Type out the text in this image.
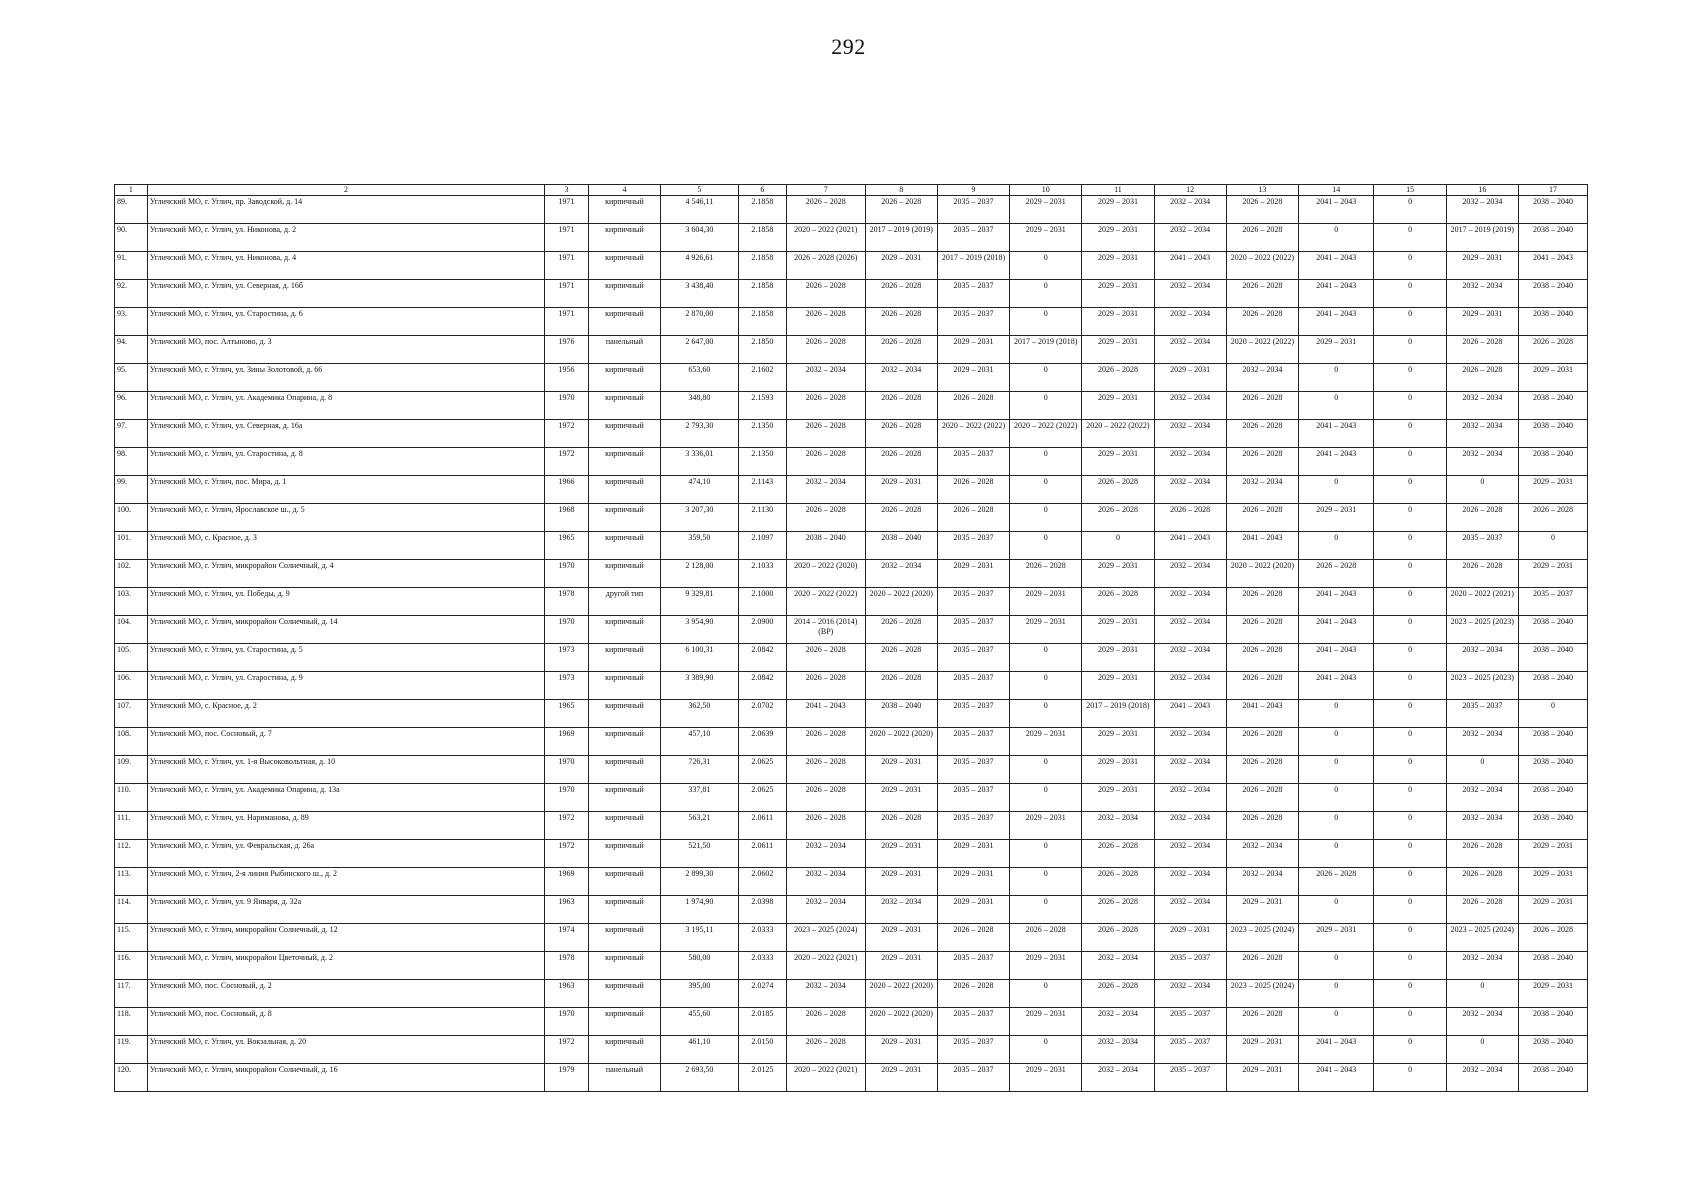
292
1	2	3	4	5	6	7	8	9	10	11	12	13	14	15	16	17
89.	Угличский МО, г. Углич, пр. Заводской, д. 14	1971	кирпичный	4 546,11	2.1858	2026 – 2028	2026 – 2028	2035 – 2037	2029 – 2031	2029 – 2031	2032 – 2034	2026 – 2028	2041 – 2043	0	2032 – 2034	2038 – 2040
90.	Угличский МО, г. Углич, ул. Никонова, д. 2	1971	кирпичный	3 604,30	2.1858	2020 – 2022 (2021)	2017 – 2019 (2019)	2035 – 2037	2029 – 2031	2029 – 2031	2032 – 2034	2026 – 2028	0	0	2017 – 2019 (2019)	2038 – 2040
91.	Угличский МО, г. Углич, ул. Никонова, д. 4	1971	кирпичный	4 926,61	2.1858	2026 – 2028 (2026)	2029 – 2031	2017 – 2019 (2018)	0	2029 – 2031	2041 – 2043	2020 – 2022 (2022)	2041 – 2043	0	2029 – 2031	2041 – 2043
92.	Угличский МО, г. Углич, ул. Северная, д. 16б	1971	кирпичный	3 438,40	2.1858	2026 – 2028	2026 – 2028	2035 – 2037	0	2029 – 2031	2032 – 2034	2026 – 2028	2041 – 2043	0	2032 – 2034	2038 – 2040
93.	Угличский МО, г. Углич, ул. Старостина, д. 6	1971	кирпичный	2 870,00	2.1858	2026 – 2028	2026 – 2028	2035 – 2037	0	2029 – 2031	2032 – 2034	2026 – 2028	2041 – 2043	0	2029 – 2031	2038 – 2040
94.	Угличский МО, пос. Алтыново, д. 3	1976	панельный	2 647,00	2.1850	2026 – 2028	2026 – 2028	2029 – 2031	2017 – 2019 (2018)	2029 – 2031	2032 – 2034	2020 – 2022 (2022)	2029 – 2031	0	2026 – 2028	2026 – 2028
95.	Угличский МО, г. Углич, ул. Зины Золотовой, д. 66	1956	кирпичный	653,60	2.1602	2032 – 2034	2032 – 2034	2029 – 2031	0	2026 – 2028	2029 – 2031	2032 – 2034	0	0	2026 – 2028	2029 – 2031
96.	Угличский МО, г. Углич, ул. Академика Опарина, д. 8	1970	кирпичный	348,80	2.1593	2026 – 2028	2026 – 2028	2026 – 2028	0	2029 – 2031	2032 – 2034	2026 – 2028	0	0	2032 – 2034	2038 – 2040
97.	Угличский МО, г. Углич, ул. Северная, д. 16а	1972	кирпичный	2 793,30	2.1350	2026 – 2028	2026 – 2028	2020 – 2022 (2022)	2020 – 2022 (2022)	2020 – 2022 (2022)	2032 – 2034	2026 – 2028	2041 – 2043	0	2032 – 2034	2038 – 2040
98.	Угличский МО, г. Углич, ул. Старостина, д. 8	1972	кирпичный	3 336,01	2.1350	2026 – 2028	2026 – 2028	2035 – 2037	0	2029 – 2031	2032 – 2034	2026 – 2028	2041 – 2043	0	2032 – 2034	2038 – 2040
99.	Угличский МО, г. Углич, пос. Мира, д. 1	1966	кирпичный	474,10	2.1143	2032 – 2034	2029 – 2031	2026 – 2028	0	2026 – 2028	2032 – 2034	2032 – 2034	0	0	0	2029 – 2031
100.	Угличский МО, г. Углич, Ярославское ш., д. 5	1968	кирпичный	3 207,30	2.1130	2026 – 2028	2026 – 2028	2026 – 2028	0	2026 – 2028	2026 – 2028	2026 – 2028	2029 – 2031	0	2026 – 2028	2026 – 2028
101.	Угличский МО, с. Красное, д. 3	1965	кирпичный	359,50	2.1097	2038 – 2040	2038 – 2040	2035 – 2037	0	0	2041 – 2043	2041 – 2043	0	0	2035 – 2037	0
102.	Угличский МО, г. Углич, микрорайон Солнечный, д. 4	1970	кирпичный	2 128,00	2.1033	2020 – 2022 (2020)	2032 – 2034	2029 – 2031	2026 – 2028	2029 – 2031	2032 – 2034	2020 – 2022 (2020)	2026 – 2028	0	2026 – 2028	2029 – 2031
103.	Угличский МО, г. Углич, ул. Победы, д. 9	1978	другой тип	9 329,81	2.1000	2020 – 2022 (2022)	2020 – 2022 (2020)	2035 – 2037	2029 – 2031	2026 – 2028	2032 – 2034	2026 – 2028	2041 – 2043	0	2020 – 2022 (2021)	2035 – 2037
104.	Угличский МО, г. Углич, микрорайон Солнечный, д. 14	1970	кирпичный	3 954,90	2.0900	2014 – 2016 (2014) (ВР)	2026 – 2028	2035 – 2037	2029 – 2031	2029 – 2031	2032 – 2034	2026 – 2028	2041 – 2043	0	2023 – 2025 (2023)	2038 – 2040
105.	Угличский МО, г. Углич, ул. Старостина, д. 5	1973	кирпичный	6 100,31	2.0842	2026 – 2028	2026 – 2028	2035 – 2037	0	2029 – 2031	2032 – 2034	2026 – 2028	2041 – 2043	0	2032 – 2034	2038 – 2040
106.	Угличский МО, г. Углич, ул. Старостина, д. 9	1973	кирпичный	3 389,90	2.0842	2026 – 2028	2026 – 2028	2035 – 2037	0	2029 – 2031	2032 – 2034	2026 – 2028	2041 – 2043	0	2023 – 2025 (2023)	2038 – 2040
107.	Угличский МО, с. Красное, д. 2	1965	кирпичный	362,50	2.0702	2041 – 2043	2038 – 2040	2035 – 2037	0	2017 – 2019 (2018)	2041 – 2043	2041 – 2043	0	0	2035 – 2037	0
108.	Угличский МО, пос. Сосновый, д. 7	1969	кирпичный	457,10	2.0639	2026 – 2028	2020 – 2022 (2020)	2035 – 2037	2029 – 2031	2029 – 2031	2032 – 2034	2026 – 2028	0	0	2032 – 2034	2038 – 2040
109.	Угличский МО, г. Углич, ул. 1-я Высоковольтная, д. 10	1970	кирпичный	726,31	2.0625	2026 – 2028	2029 – 2031	2035 – 2037	0	2029 – 2031	2032 – 2034	2026 – 2028	0	0	0	2038 – 2040
110.	Угличский МО, г. Углич, ул. Академика Опарина, д. 13а	1970	кирпичный	337,81	2.0625	2026 – 2028	2029 – 2031	2035 – 2037	0	2029 – 2031	2032 – 2034	2026 – 2028	0	0	2032 – 2034	2038 – 2040
111.	Угличский МО, г. Углич, ул. Нариманова, д. 89	1972	кирпичный	563,21	2.0611	2026 – 2028	2026 – 2028	2035 – 2037	2029 – 2031	2032 – 2034	2032 – 2034	2026 – 2028	0	0	2032 – 2034	2038 – 2040
112.	Угличский МО, г. Углич, ул. Февральская, д. 26а	1972	кирпичный	521,50	2.0611	2032 – 2034	2029 – 2031	2029 – 2031	0	2026 – 2028	2032 – 2034	2032 – 2034	0	0	2026 – 2028	2029 – 2031
113.	Угличский МО, г. Углич, 2-я линия Рыбинского ш., д. 2	1969	кирпичный	2 899,30	2.0602	2032 – 2034	2029 – 2031	2029 – 2031	0	2026 – 2028	2032 – 2034	2032 – 2034	2026 – 2028	0	2026 – 2028	2029 – 2031
114.	Угличский МО, г. Углич, ул. 9 Января, д. 32а	1963	кирпичный	1 974,90	2.0398	2032 – 2034	2032 – 2034	2029 – 2031	0	2026 – 2028	2032 – 2034	2029 – 2031	0	0	2026 – 2028	2029 – 2031
115.	Угличский МО, г. Углич, микрорайон Солнечный, д. 12	1974	кирпичный	3 195,11	2.0333	2023 – 2025 (2024)	2029 – 2031	2026 – 2028	2026 – 2028	2026 – 2028	2029 – 2031	2023 – 2025 (2024)	2029 – 2031	0	2023 – 2025 (2024)	2026 – 2028
116.	Угличский МО, г. Углич, микрорайон Цветочный, д. 2	1978	кирпичный	580,00	2.0333	2020 – 2022 (2021)	2029 – 2031	2035 – 2037	2029 – 2031	2032 – 2034	2035 – 2037	2026 – 2028	0	0	2032 – 2034	2038 – 2040
117.	Угличский МО, пос. Сосновый, д. 2	1963	кирпичный	395,00	2.0274	2032 – 2034	2020 – 2022 (2020)	2026 – 2028	0	2026 – 2028	2032 – 2034	2023 – 2025 (2024)	0	0	0	2029 – 2031
118.	Угличский МО, пос. Сосновый, д. 8	1970	кирпичный	455,60	2.0185	2026 – 2028	2020 – 2022 (2020)	2035 – 2037	2029 – 2031	2032 – 2034	2035 – 2037	2026 – 2028	0	0	2032 – 2034	2038 – 2040
119.	Угличский МО, г. Углич, ул. Вокзальная, д. 20	1972	кирпичный	461,10	2.0150	2026 – 2028	2029 – 2031	2035 – 2037	0	2032 – 2034	2035 – 2037	2029 – 2031	2041 – 2043	0	0	2038 – 2040
120.	Угличский МО, г. Углич, микрорайон Солнечный, д. 16	1979	панельный	2 693,50	2.0125	2020 – 2022 (2021)	2029 – 2031	2035 – 2037	2029 – 2031	2032 – 2034	2035 – 2037	2029 – 2031	2041 – 2043	0	2032 – 2034	2038 – 2040
